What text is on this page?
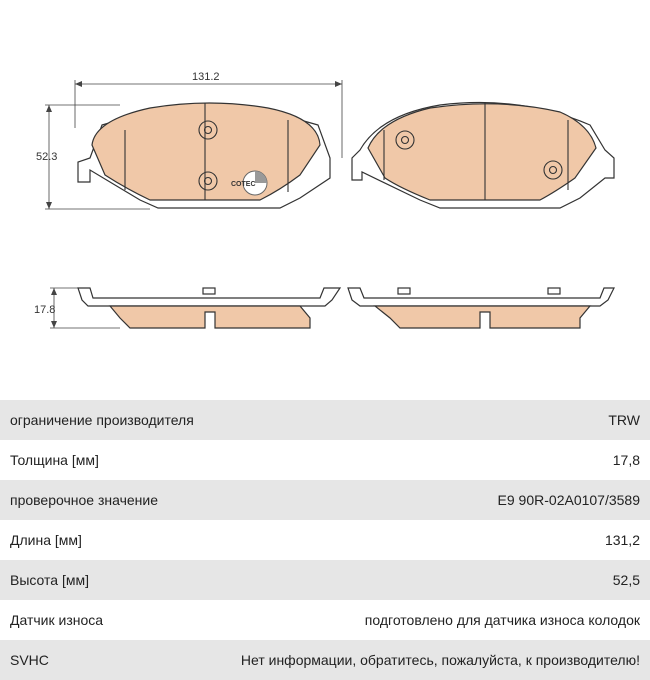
131.2
52.3
COTEC
17.8
ограничение производителя	TRW
Толщина [мм]	17,8
проверочное значение	E9 90R-02A0107/3589
Длина [мм]	131,2
Высота [мм]	52,5
Датчик износа	подготовлено для датчика износа колодок
SVHC	Нет информации, обратитесь, пожалуйста, к производителю!
